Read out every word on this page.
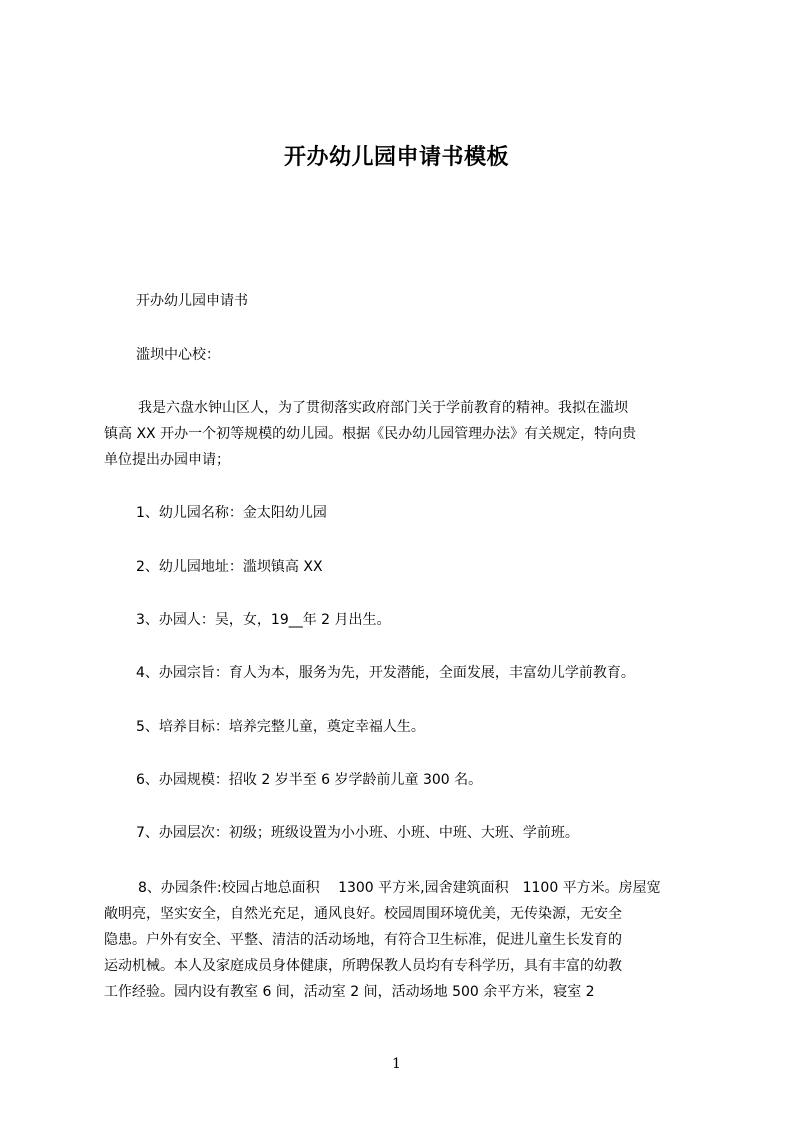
开办幼儿园申请书模板
开办幼儿园申请书
滥坝中心校：
我是六盘水钟山区人，为了贯彻落实政府部门关于学前教育的精神。我拟在滥坝
镇高 XX 开办一个初等规模的幼儿园。根据《民办幼儿园管理办法》有关规定，特向贵
单位提出办园申请；
1、幼儿园名称：金太阳幼儿园
2、幼儿园地址：滥坝镇高 XX
3、办园人：吴，女，19__年 2 月出生。
4、办园宗旨：育人为本，服务为先，开发潜能，全面发展，丰富幼儿学前教育。
5、培养目标：培养完整儿童，奠定幸福人生。
6、办园规模：招收 2 岁半至 6 岁学龄前儿童 300 名。
7、办园层次：初级；班级设置为小小班、小班、中班、大班、学前班。
8、办园条件:校园占地总面积　 1300 平方米,园舍建筑面积　1100 平方米。房屋宽
敞明亮，坚实安全，自然光充足，通风良好。校园周围环境优美，无传染源，无安全
隐患。户外有安全、平整、清洁的活动场地，有符合卫生标准，促进儿童生长发育的
运动机械。本人及家庭成员身体健康，所聘保教人员均有专科学历，具有丰富的幼教
工作经验。园内设有教室 6 间，活动室 2 间，活动场地 500 余平方米，寝室 2
1
